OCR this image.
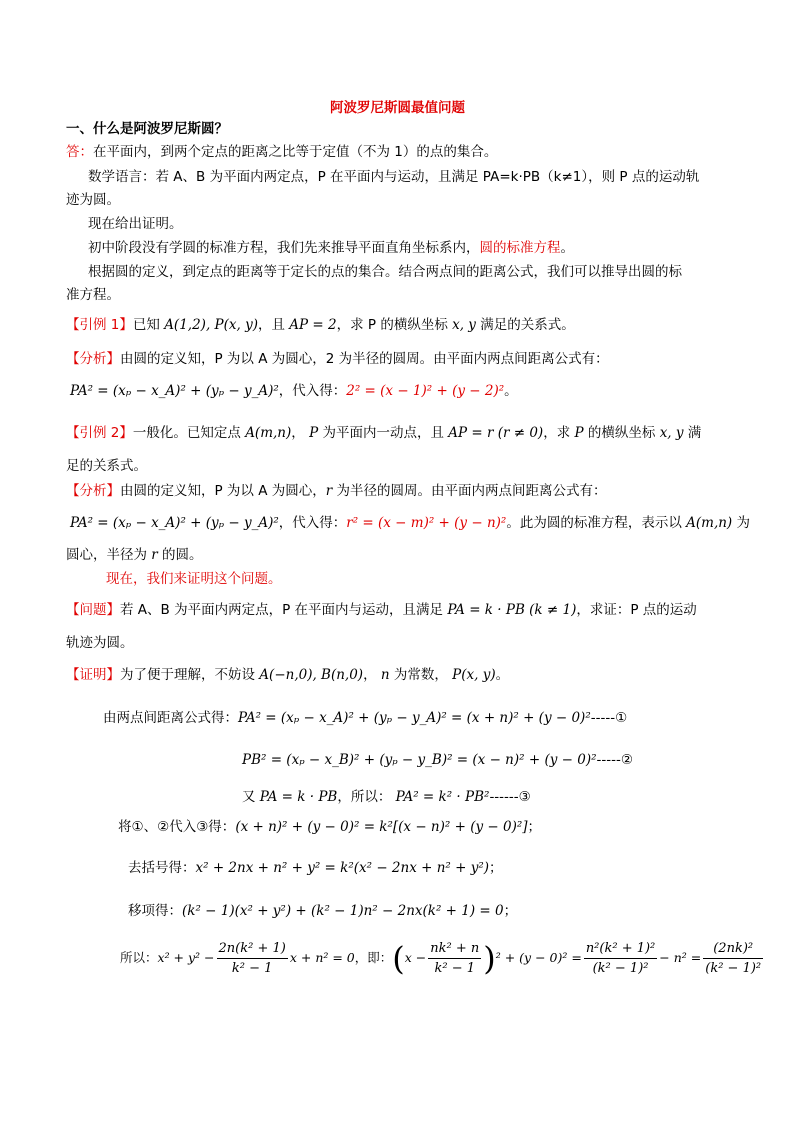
阿波罗尼斯圆最值问题
一、什么是阿波罗尼斯圆？
答：在平面内，到两个定点的距离之比等于定值（不为 1）的点的集合。
数学语言：若 A、B 为平面内两定点，P 在平面内与运动，且满足 PA=k·PB（k≠1），则 P 点的运动轨
迹为圆。
现在给出证明。
初中阶段没有学圆的标准方程，我们先来推导平面直角坐标系内，圆的标准方程。
根据圆的定义，到定点的距离等于定长的点的集合。结合两点间的距离公式，我们可以推导出圆的标
准方程。
【引例 1】已知 A(1,2), P(x, y)，且 AP = 2，求 P 的横纵坐标 x, y 满足的关系式。
【分析】由圆的定义知，P 为以 A 为圆心，2 为半径的圆周。由平面内两点间距离公式有：
PA² = (xₚ − x_A)² + (yₚ − y_A)²，代入得：2² = (x − 1)² + (y − 2)²。
【引例 2】一般化。已知定点 A(m,n)， P 为平面内一动点，且 AP = r (r ≠ 0)，求 P 的横纵坐标 x, y 满
足的关系式。
【分析】由圆的定义知，P 为以 A 为圆心，r 为半径的圆周。由平面内两点间距离公式有：
PA² = (xₚ − x_A)² + (yₚ − y_A)²，代入得：r² = (x − m)² + (y − n)²。此为圆的标准方程，表示以 A(m,n) 为
圆心，半径为 r 的圆。
现在，我们来证明这个问题。
【问题】若 A、B 为平面内两定点，P 在平面内与运动，且满足 PA = k · PB (k ≠ 1)，求证：P 点的运动
轨迹为圆。
【证明】为了便于理解，不妨设 A(−n,0), B(n,0)， n 为常数， P(x, y)。
由两点间距离公式得：PA² = (xₚ − x_A)² + (yₚ − y_A)² = (x + n)² + (y − 0)²-----①
PB² = (xₚ − x_B)² + (yₚ − y_B)² = (x − n)² + (y − 0)²-----②
又 PA = k · PB，所以： PA² = k² · PB²------③
将①、②代入③得：(x + n)² + (y − 0)² = k²[(x − n)² + (y − 0)²]；
去括号得：x² + 2nx + n² + y² = k²(x² − 2nx + n² + y²)；
移项得：(k² − 1)(x² + y²) + (k² − 1)n² − 2nx(k² + 1) = 0；
所以：$x^2 + y^2 - \frac{\text{2n(k² + 1)}}{\text{k² − 1}}$ x + n² = 0，即：$(x - \frac{\text{nk² + n}}{\text{k² − 1}} )^2 + (y - 0)^2 = \frac{\text{n²(k² + 1)²}}{\text{(k² − 1)²}} - n^2 = \frac{\text{(2nk)²}}{\text{(k² − 1)²}}$
